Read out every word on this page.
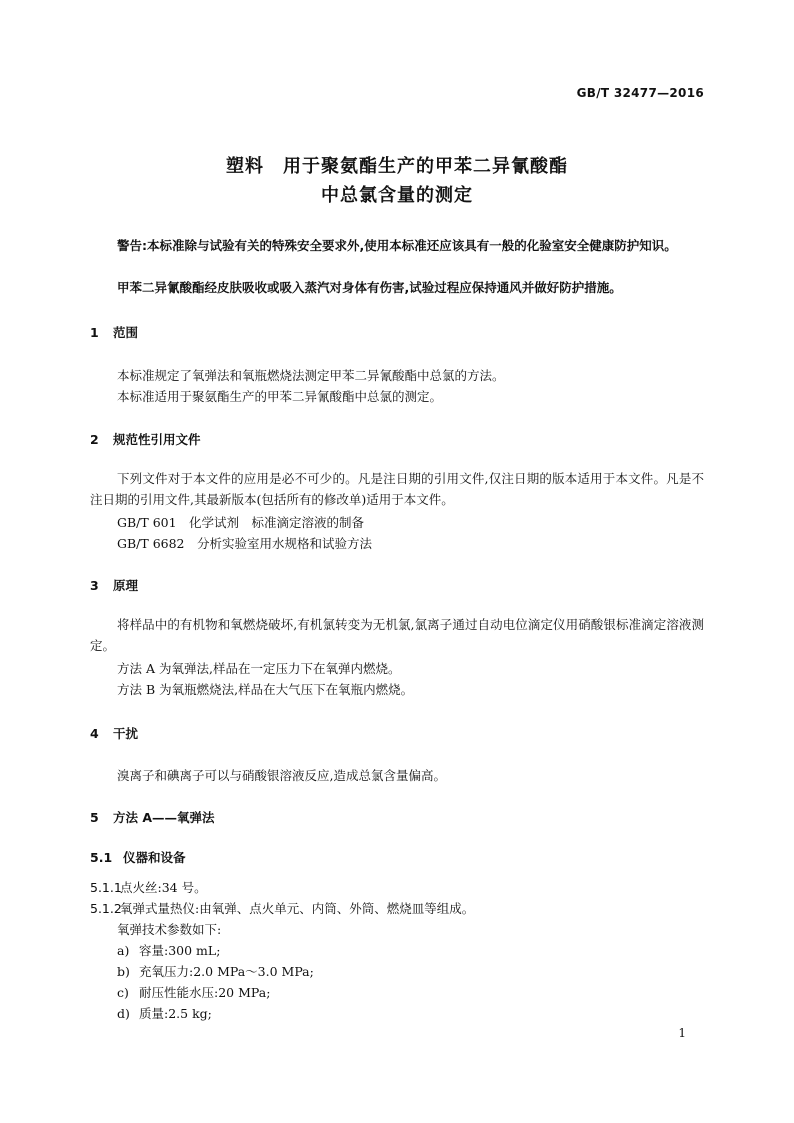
GB/T 32477—2016
塑料　用于聚氨酯生产的甲苯二异氰酸酯
中总氯含量的测定
警告:本标准除与试验有关的特殊安全要求外,使用本标准还应该具有一般的化验室安全健康防护知识。
甲苯二异氰酸酯经皮肤吸收或吸入蒸汽对身体有伤害,试验过程应保持通风并做好防护措施。
1 范围
本标准规定了氧弹法和氧瓶燃烧法测定甲苯二异氰酸酯中总氯的方法。
本标准适用于聚氨酯生产的甲苯二异氰酸酯中总氯的测定。
2 规范性引用文件
下列文件对于本文件的应用是必不可少的。凡是注日期的引用文件,仅注日期的版本适用于本文件。凡是不注日期的引用文件,其最新版本(包括所有的修改单)适用于本文件。
GB/T 601　化学试剂　标准滴定溶液的制备
GB/T 6682　分析实验室用水规格和试验方法
3 原理
将样品中的有机物和氧燃烧破坏,有机氯转变为无机氯,氯离子通过自动电位滴定仪用硝酸银标准滴定溶液测定。
方法 A 为氧弹法,样品在一定压力下在氧弹内燃烧。
方法 B 为氧瓶燃烧法,样品在大气压下在氧瓶内燃烧。
4 干扰
溴离子和碘离子可以与硝酸银溶液反应,造成总氯含量偏高。
5 方法 A——氧弹法
5.1 仪器和设备
5.1.1点火丝:34 号。
5.1.2氧弹式量热仪:由氧弹、点火单元、内筒、外筒、燃烧皿等组成。
氧弹技术参数如下:
a) 容量:300 mL;
b) 充氧压力:2.0 MPa～3.0 MPa;
c) 耐压性能水压:20 MPa;
d) 质量:2.5 kg;
1
